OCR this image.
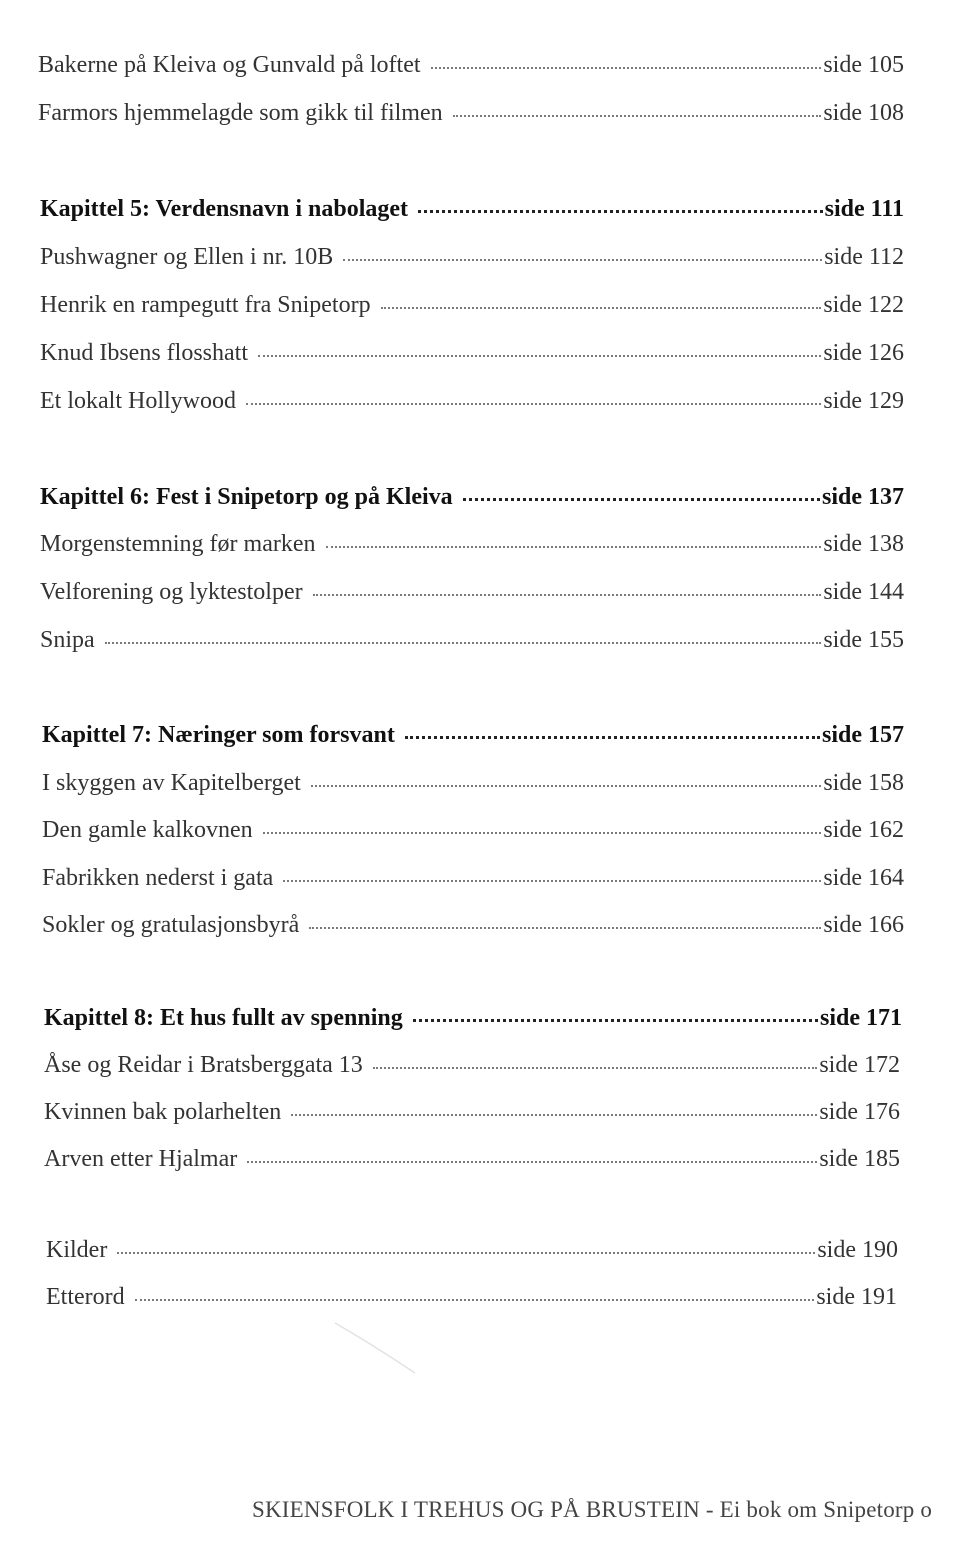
Bakerne på Kleiva og Gunvald på loftet	side 105
Farmors hjemmelagde som gikk til filmen	side 108
Kapittel 5: Verdensnavn i nabolaget	side 111
Pushwagner og Ellen i nr. 10B	side 112
Henrik en rampegutt fra Snipetorp	side 122
Knud Ibsens flosshatt	side 126
Et lokalt Hollywood	side 129
Kapittel 6: Fest i Snipetorp og på Kleiva	side 137
Morgenstemning før marken	side 138
Velforening og lyktestolper	side 144
Snipa	side 155
Kapittel 7: Næringer som forsvant	side 157
I skyggen av Kapitelberget	side 158
Den gamle kalkovnen	side 162
Fabrikken nederst i gata	side 164
Sokler og gratulasjonsbyrå	side 166
Kapittel 8: Et hus fullt av spenning	side 171
Åse og Reidar i Bratsberggata 13	side 172
Kvinnen bak polarhelten	side 176
Arven etter Hjalmar	side 185
Kilder	side 190
Etterord	side 191
SKIENSFOLK I TREHUS OG PÅ BRUSTEIN - Ei bok om Snipetorp o
